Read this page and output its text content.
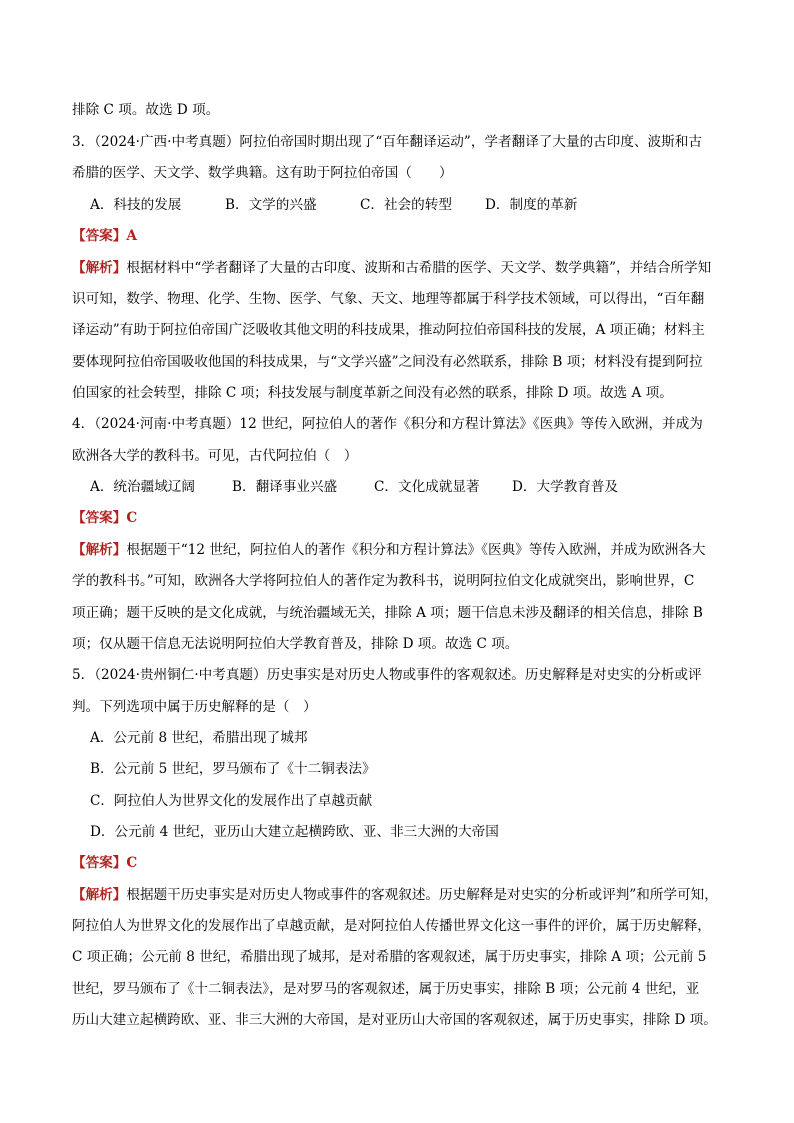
排除 C 项。故选 D 项。
3．（2024·广西·中考真题）阿拉伯帝国时期出现了“百年翻译运动”，学者翻译了大量的古印度、波斯和古
希腊的医学、天文学、数学典籍。这有助于阿拉伯帝国（　　）
A．科技的发展	B．文学的兴盛	C．社会的转型 D．制度的革新
【答案】A
【解析】根据材料中“学者翻译了大量的古印度、波斯和古希腊的医学、天文学、数学典籍”，并结合所学知
识可知，数学、物理、化学、生物、医学、气象、天文、地理等都属于科学技术领域，可以得出，“百年翻
译运动”有助于阿拉伯帝国广泛吸收其他文明的科技成果，推动阿拉伯帝国科技的发展，A 项正确；材料主
要体现阿拉伯帝国吸收他国的科技成果，与“文学兴盛”之间没有必然联系，排除 B 项；材料没有提到阿拉
伯国家的社会转型，排除 C 项；科技发展与制度革新之间没有必然的联系，排除 D 项。故选 A 项。
4．（2024·河南·中考真题）12 世纪，阿拉伯人的著作《积分和方程计算法》《医典》等传入欧洲，并成为
欧洲各大学的教科书。可见，古代阿拉伯（　）
A．统治疆域辽阔	B．翻译事业兴盛	C．文化成就显著 D．大学教育普及
【答案】C
【解析】根据题干“12 世纪，阿拉伯人的著作《积分和方程计算法》《医典》等传入欧洲，并成为欧洲各大
学的教科书。”可知，欧洲各大学将阿拉伯人的著作定为教科书，说明阿拉伯文化成就突出，影响世界，C
项正确；题干反映的是文化成就，与统治疆域无关，排除 A 项；题干信息未涉及翻译的相关信息，排除 B
项；仅从题干信息无法说明阿拉伯大学教育普及，排除 D 项。故选 C 项。
5．（2024·贵州铜仁·中考真题）历史事实是对历史人物或事件的客观叙述。历史解释是对史实的分析或评
判。下列选项中属于历史解释的是（　）
A．公元前 8 世纪，希腊出现了城邦
B．公元前 5 世纪，罗马颁布了《十二铜表法》
C．阿拉伯人为世界文化的发展作出了卓越贡献
D．公元前 4 世纪，亚历山大建立起横跨欧、亚、非三大洲的大帝国
【答案】C
【解析】根据题干历史事实是对历史人物或事件的客观叙述。历史解释是对史实的分析或评判”和所学可知，
阿拉伯人为世界文化的发展作出了卓越贡献，是对阿拉伯人传播世界文化这一事件的评价，属于历史解释，
C 项正确；公元前 8 世纪，希腊出现了城邦，是对希腊的客观叙述，属于历史事实，排除 A 项；公元前 5
世纪，罗马颁布了《十二铜表法》，是对罗马的客观叙述，属于历史事实，排除 B 项；公元前 4 世纪，亚
历山大建立起横跨欧、亚、非三大洲的大帝国，是对亚历山大帝国的客观叙述，属于历史事实，排除 D 项。
